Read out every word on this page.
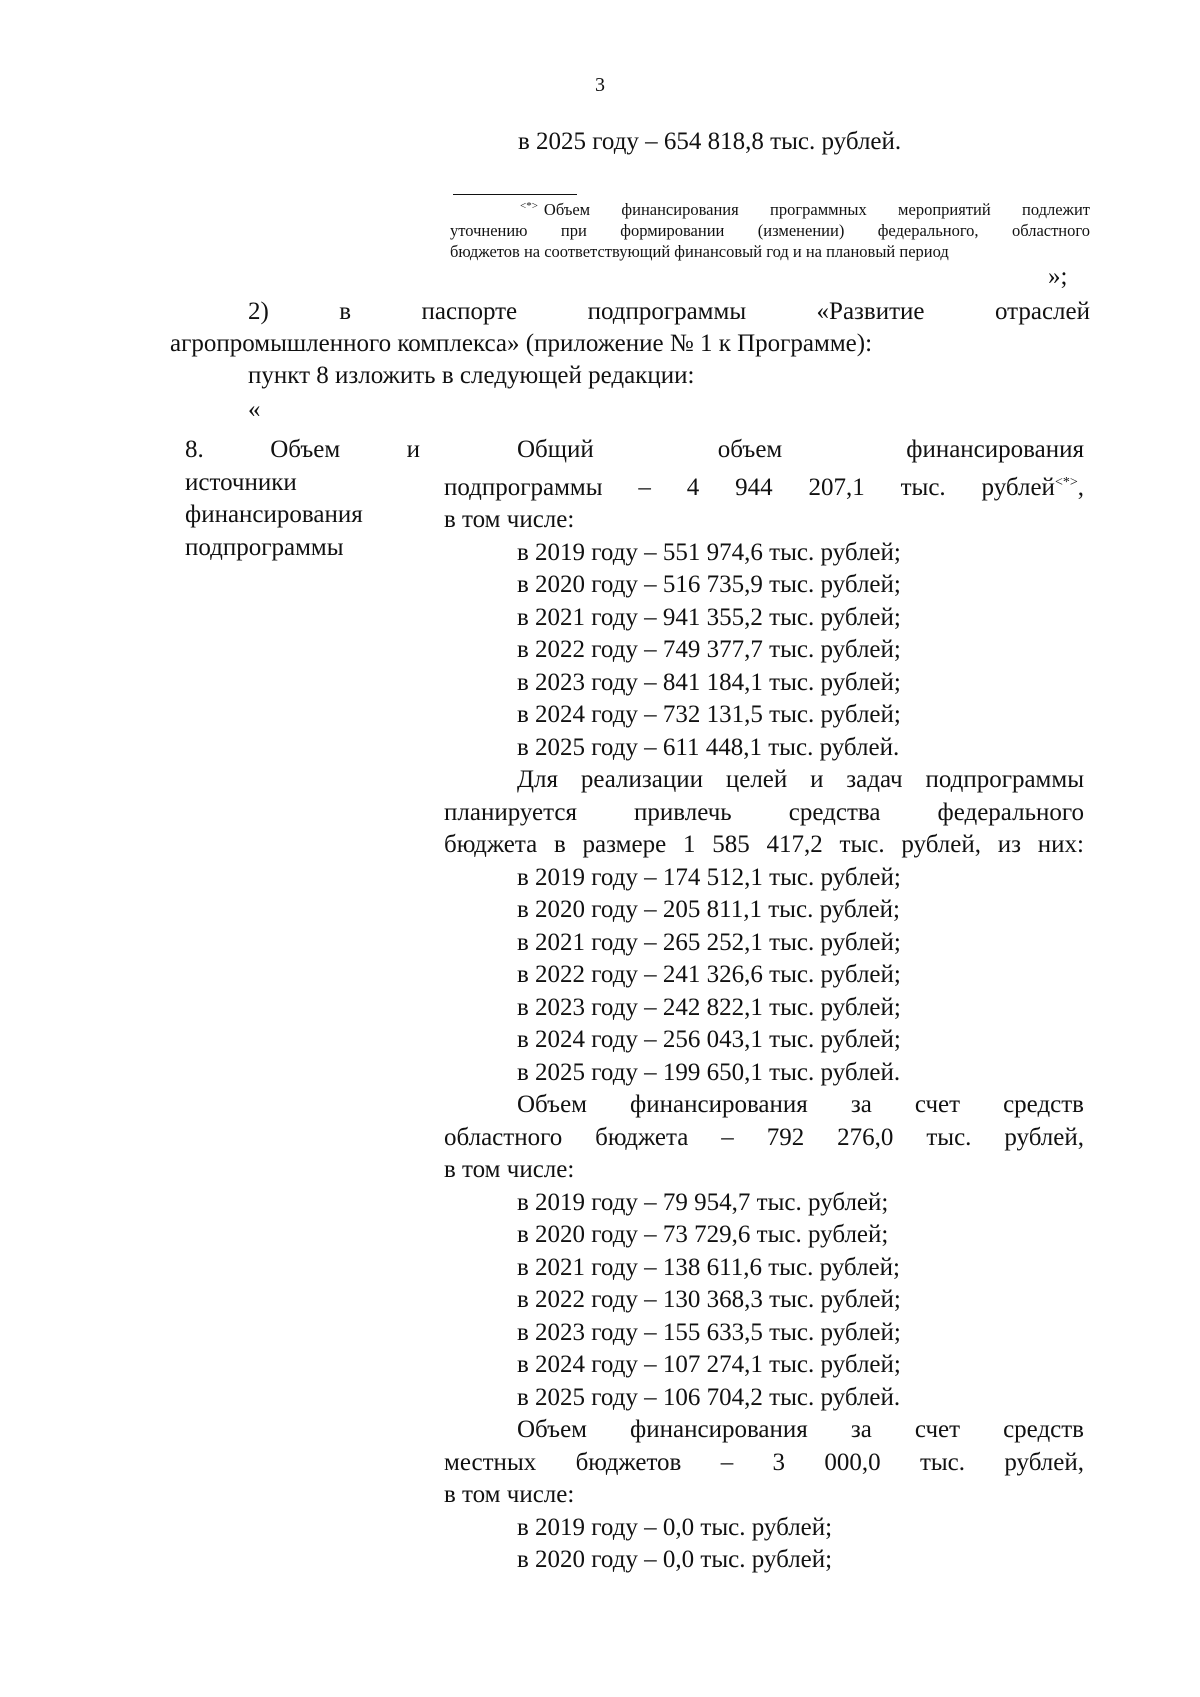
3
в 2025 году – 654 818,8 тыс. рублей.
<*> Объем финансирования программных мероприятий подлежит
уточнению при формировании (изменении) федерального, областного
бюджетов на соответствующий финансовый год и на плановый период
»;
2) в паспорте подпрограммы «Развитие отраслей
агропромышленного комплекса» (приложение № 1 к Программе):
пункт 8 изложить в следующей редакции:
«
8. Объем и
источники
финансирования
подпрограммы
Общий объем финансирования
подпрограммы – 4 944 207,1 тыс. рублей<*>,
в том числе:
в 2019 году – 551 974,6 тыс. рублей;
в 2020 году – 516 735,9 тыс. рублей;
в 2021 году – 941 355,2 тыс. рублей;
в 2022 году – 749 377,7 тыс. рублей;
в 2023 году – 841 184,1 тыс. рублей;
в 2024 году – 732 131,5 тыс. рублей;
в 2025 году – 611 448,1 тыс. рублей.
Для реализации целей и задач подпрограммы
планируется привлечь средства федерального
бюджета в размере 1 585 417,2 тыс. рублей, из них:
в 2019 году – 174 512,1 тыс. рублей;
в 2020 году – 205 811,1 тыс. рублей;
в 2021 году – 265 252,1 тыс. рублей;
в 2022 году – 241 326,6 тыс. рублей;
в 2023 году – 242 822,1 тыс. рублей;
в 2024 году – 256 043,1 тыс. рублей;
в 2025 году – 199 650,1 тыс. рублей.
Объем финансирования за счет средств
областного бюджета – 792 276,0 тыс. рублей,
в том числе:
в 2019 году – 79 954,7 тыс. рублей;
в 2020 году – 73 729,6 тыс. рублей;
в 2021 году – 138 611,6 тыс. рублей;
в 2022 году – 130 368,3 тыс. рублей;
в 2023 году – 155 633,5 тыс. рублей;
в 2024 году – 107 274,1 тыс. рублей;
в 2025 году – 106 704,2 тыс. рублей.
Объем финансирования за счет средств
местных бюджетов – 3 000,0 тыс. рублей,
в том числе:
в 2019 году – 0,0 тыс. рублей;
в 2020 году – 0,0 тыс. рублей;
